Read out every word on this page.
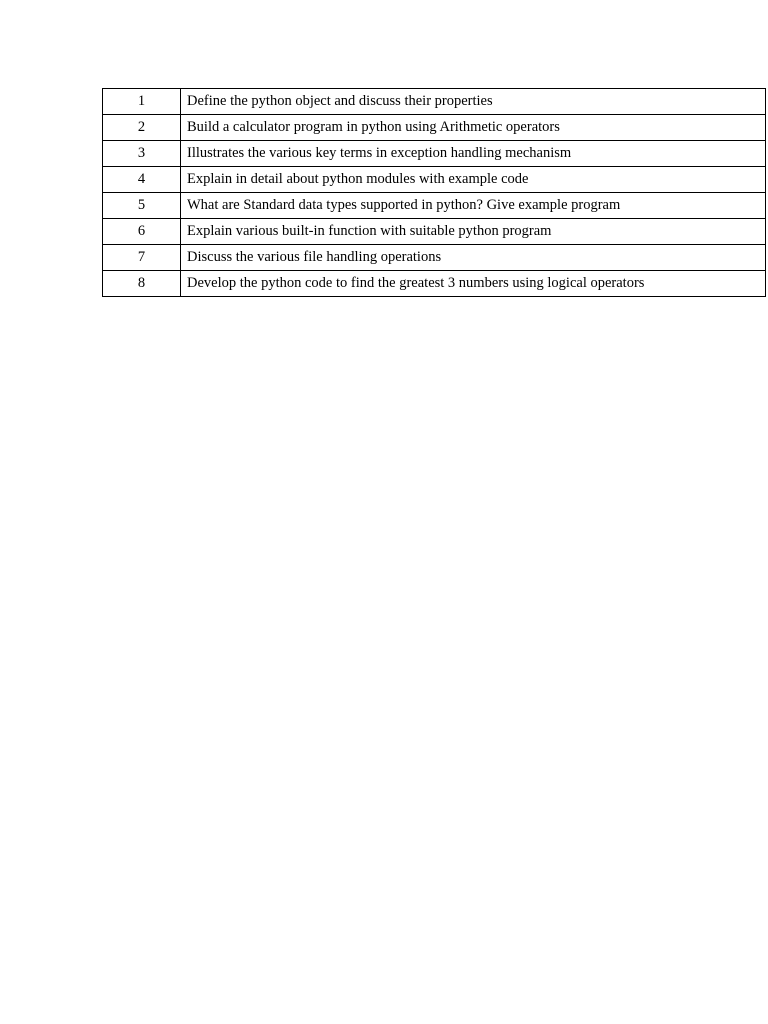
1	Define the python object and discuss their properties
2	Build a calculator program in python using Arithmetic operators
3	Illustrates the various key terms in exception handling mechanism
4	Explain in detail about python modules with example code
5	What are Standard data types supported in python? Give example program
6	Explain various built-in function with suitable python program
7	Discuss the various file handling operations
8	Develop the python code to find the greatest 3 numbers using logical operators
